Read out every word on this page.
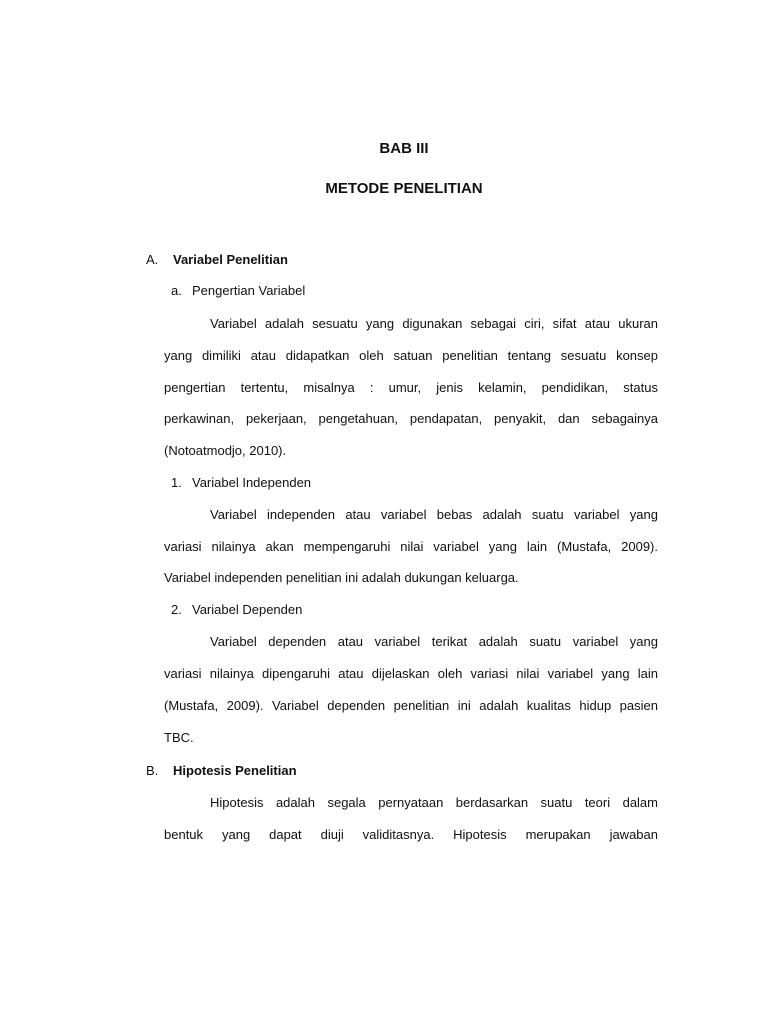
BAB III
METODE PENELITIAN
A. Variabel Penelitian
a. Pengertian Variabel
Variabel adalah sesuatu yang digunakan sebagai ciri, sifat atau ukuran
yang dimiliki atau didapatkan oleh satuan penelitian tentang sesuatu konsep
pengertian tertentu, misalnya : umur, jenis kelamin, pendidikan, status
perkawinan, pekerjaan, pengetahuan, pendapatan, penyakit, dan sebagainya
(Notoatmodjo, 2010).
1. Variabel Independen
Variabel independen atau variabel bebas adalah suatu variabel yang
variasi nilainya akan mempengaruhi nilai variabel yang lain (Mustafa, 2009).
Variabel independen penelitian ini adalah dukungan keluarga.
2. Variabel Dependen
Variabel dependen atau variabel terikat adalah suatu variabel yang
variasi nilainya dipengaruhi atau dijelaskan oleh variasi nilai variabel yang lain
(Mustafa, 2009). Variabel dependen penelitian ini adalah kualitas hidup pasien
TBC.
B. Hipotesis Penelitian
Hipotesis adalah segala pernyataan berdasarkan suatu teori dalam
bentuk yang dapat diuji validitasnya. Hipotesis merupakan jawaban
